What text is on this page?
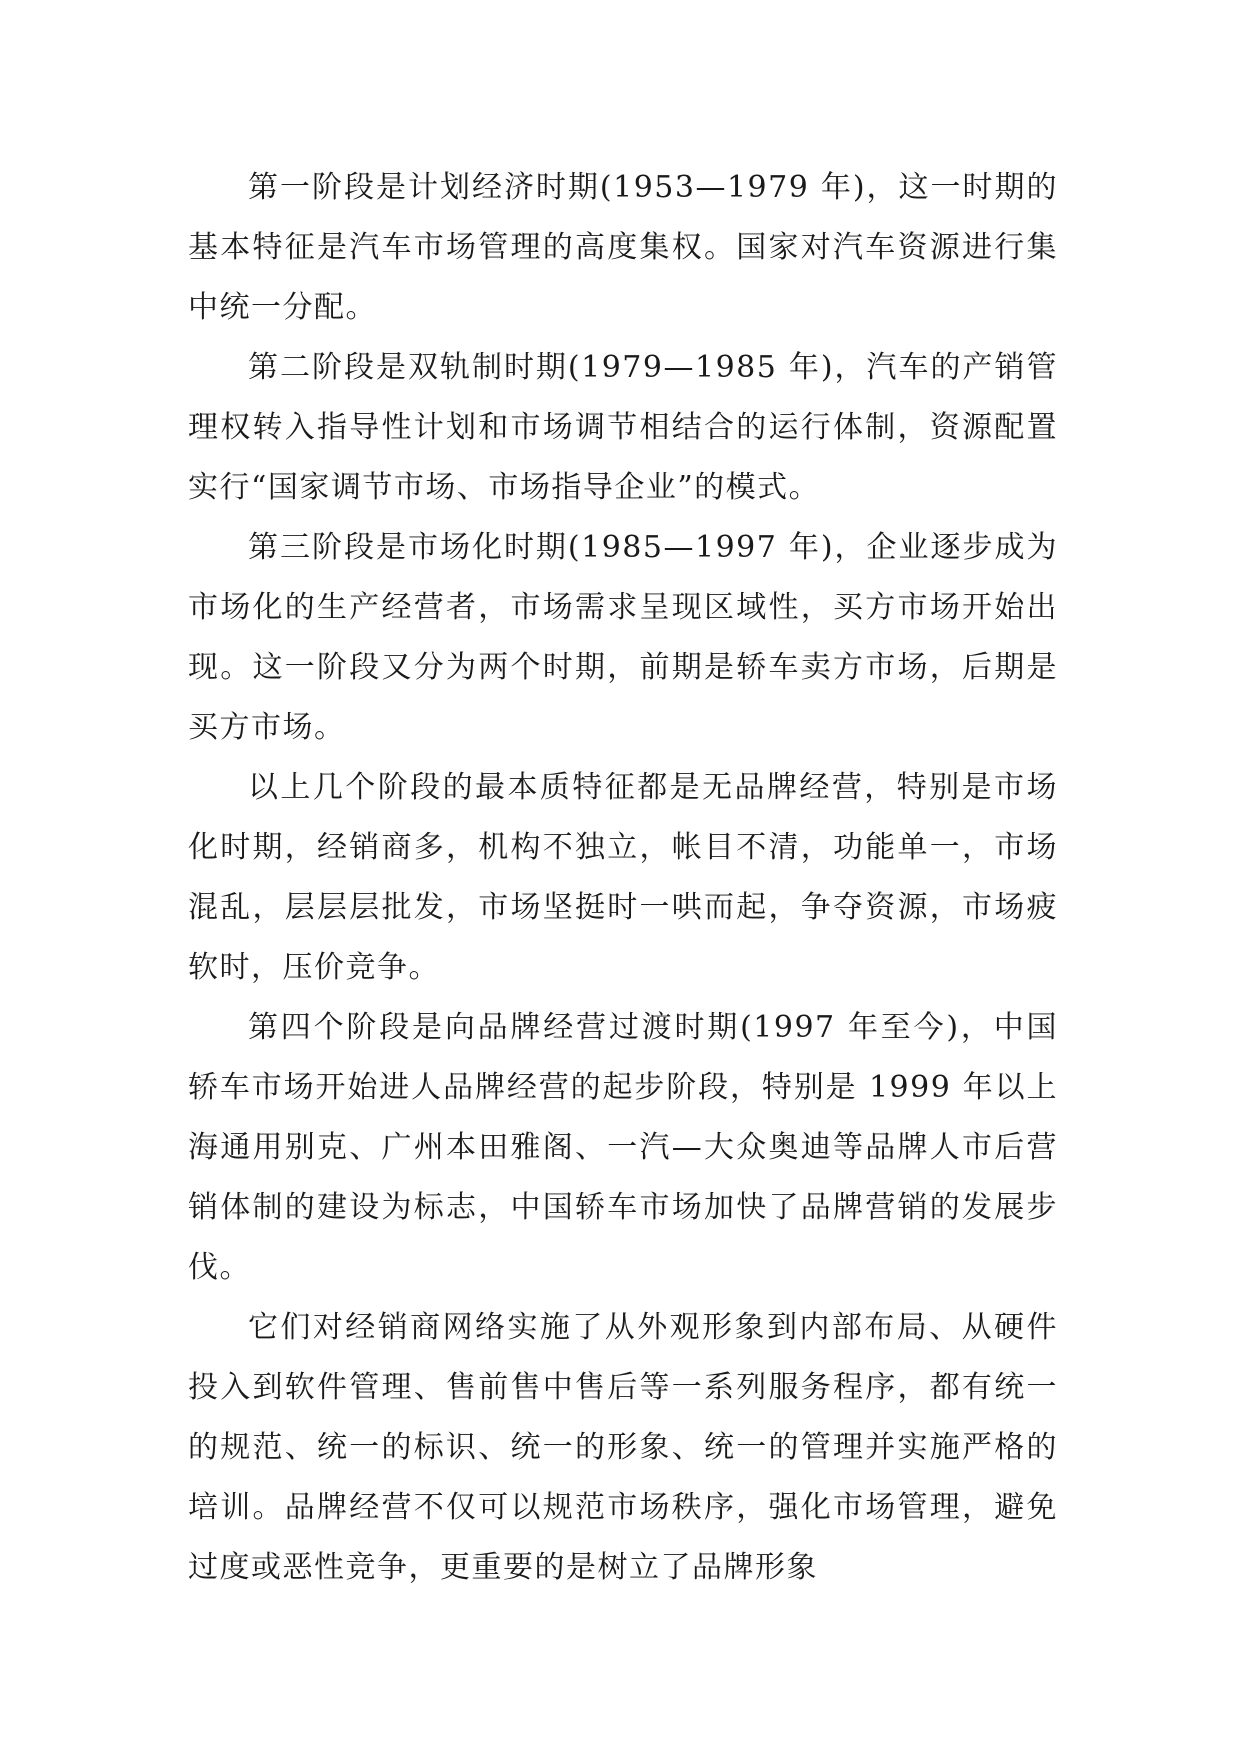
第一阶段是计划经济时期(1953—1979 年)，这一时期的基本特征是汽车市场管理的高度集权。国家对汽车资源进行集中统一分配。

第二阶段是双轨制时期(1979—1985 年)，汽车的产销管理权转入指导性计划和市场调节相结合的运行体制，资源配置实行“国家调节市场、市场指导企业”的模式。

第三阶段是市场化时期(1985—1997 年)，企业逐步成为市场化的生产经营者，市场需求呈现区域性，买方市场开始出现。这一阶段又分为两个时期，前期是轿车卖方市场，后期是买方市场。

以上几个阶段的最本质特征都是无品牌经营，特别是市场化时期，经销商多，机构不独立，帐目不清，功能单一，市场混乱，层层层批发，市场坚挺时一哄而起，争夺资源，市场疲软时，压价竞争。

第四个阶段是向品牌经营过渡时期(1997 年至今)，中国轿车市场开始进人品牌经营的起步阶段，特别是 1999 年以上海通用别克、广州本田雅阁、一汽—大众奥迪等品牌人市后营销体制的建设为标志，中国轿车市场加快了品牌营销的发展步伐。

它们对经销商网络实施了从外观形象到内部布局、从硬件投入到软件管理、售前售中售后等一系列服务程序，都有统一的规范、统一的标识、统一的形象、统一的管理并实施严格的培训。品牌经营不仅可以规范市场秩序，强化市场管理，避免过度或恶性竞争，更重要的是树立了品牌形象
